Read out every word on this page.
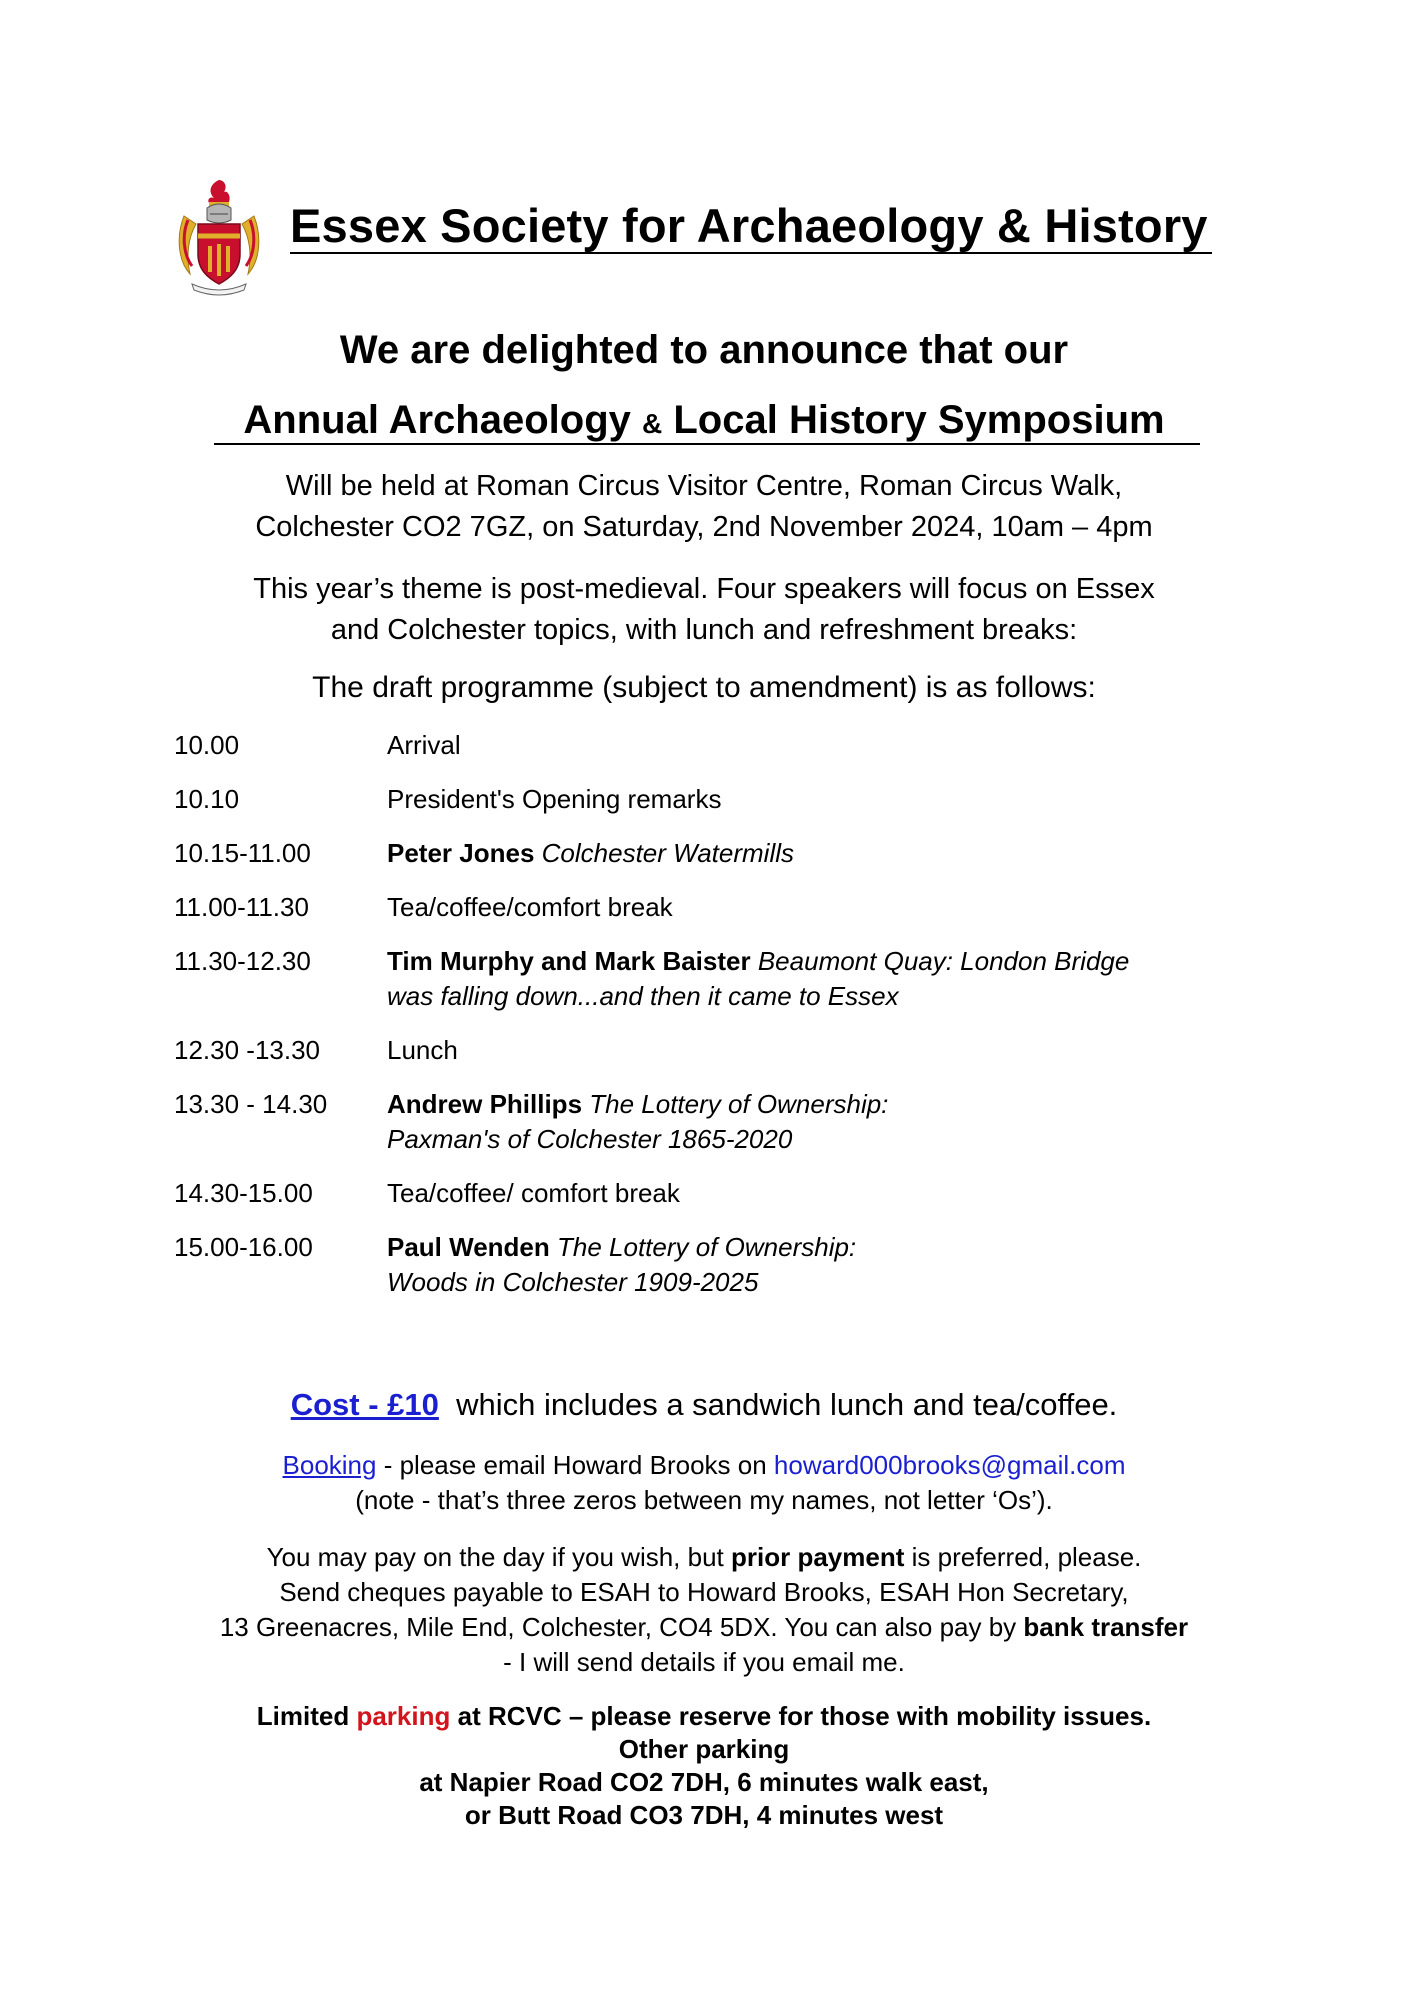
Essex Society for Archaeology & History
We are delighted to announce that our
Annual Archaeology & Local History Symposium
Will be held at Roman Circus Visitor Centre, Roman Circus Walk,
Colchester CO2 7GZ, on Saturday, 2nd November 2024, 10am – 4pm
This year’s theme is post-medieval. Four speakers will focus on Essex
and Colchester topics, with lunch and refreshment breaks:
The draft programme (subject to amendment) is as follows:
10.00	Arrival
10.10	President's Opening remarks
10.15-11.00	Peter Jones Colchester Watermills
11.00-11.30	Tea/coffee/comfort break
11.30-12.30	Tim Murphy and Mark Baister Beaumont Quay: London Bridge
was falling down...and then it came to Essex
12.30 -13.30	Lunch
13.30 - 14.30	Andrew Phillips The Lottery of Ownership:
Paxman's of Colchester 1865-2020
14.30-15.00	Tea/coffee/ comfort break
15.00-16.00	Paul Wenden The Lottery of Ownership:
Woods in Colchester 1909-2025
Cost - £10 which includes a sandwich lunch and tea/coffee.
Booking - please email Howard Brooks on howard000brooks@gmail.com
(note - that’s three zeros between my names, not letter ‘Os’).
You may pay on the day if you wish, but prior payment is preferred, please.
Send cheques payable to ESAH to Howard Brooks, ESAH Hon Secretary,
13 Greenacres, Mile End, Colchester, CO4 5DX. You can also pay by bank transfer
- I will send details if you email me.
Limited parking at RCVC – please reserve for those with mobility issues.
Other parking
at Napier Road CO2 7DH, 6 minutes walk east,
or Butt Road CO3 7DH, 4 minutes west
